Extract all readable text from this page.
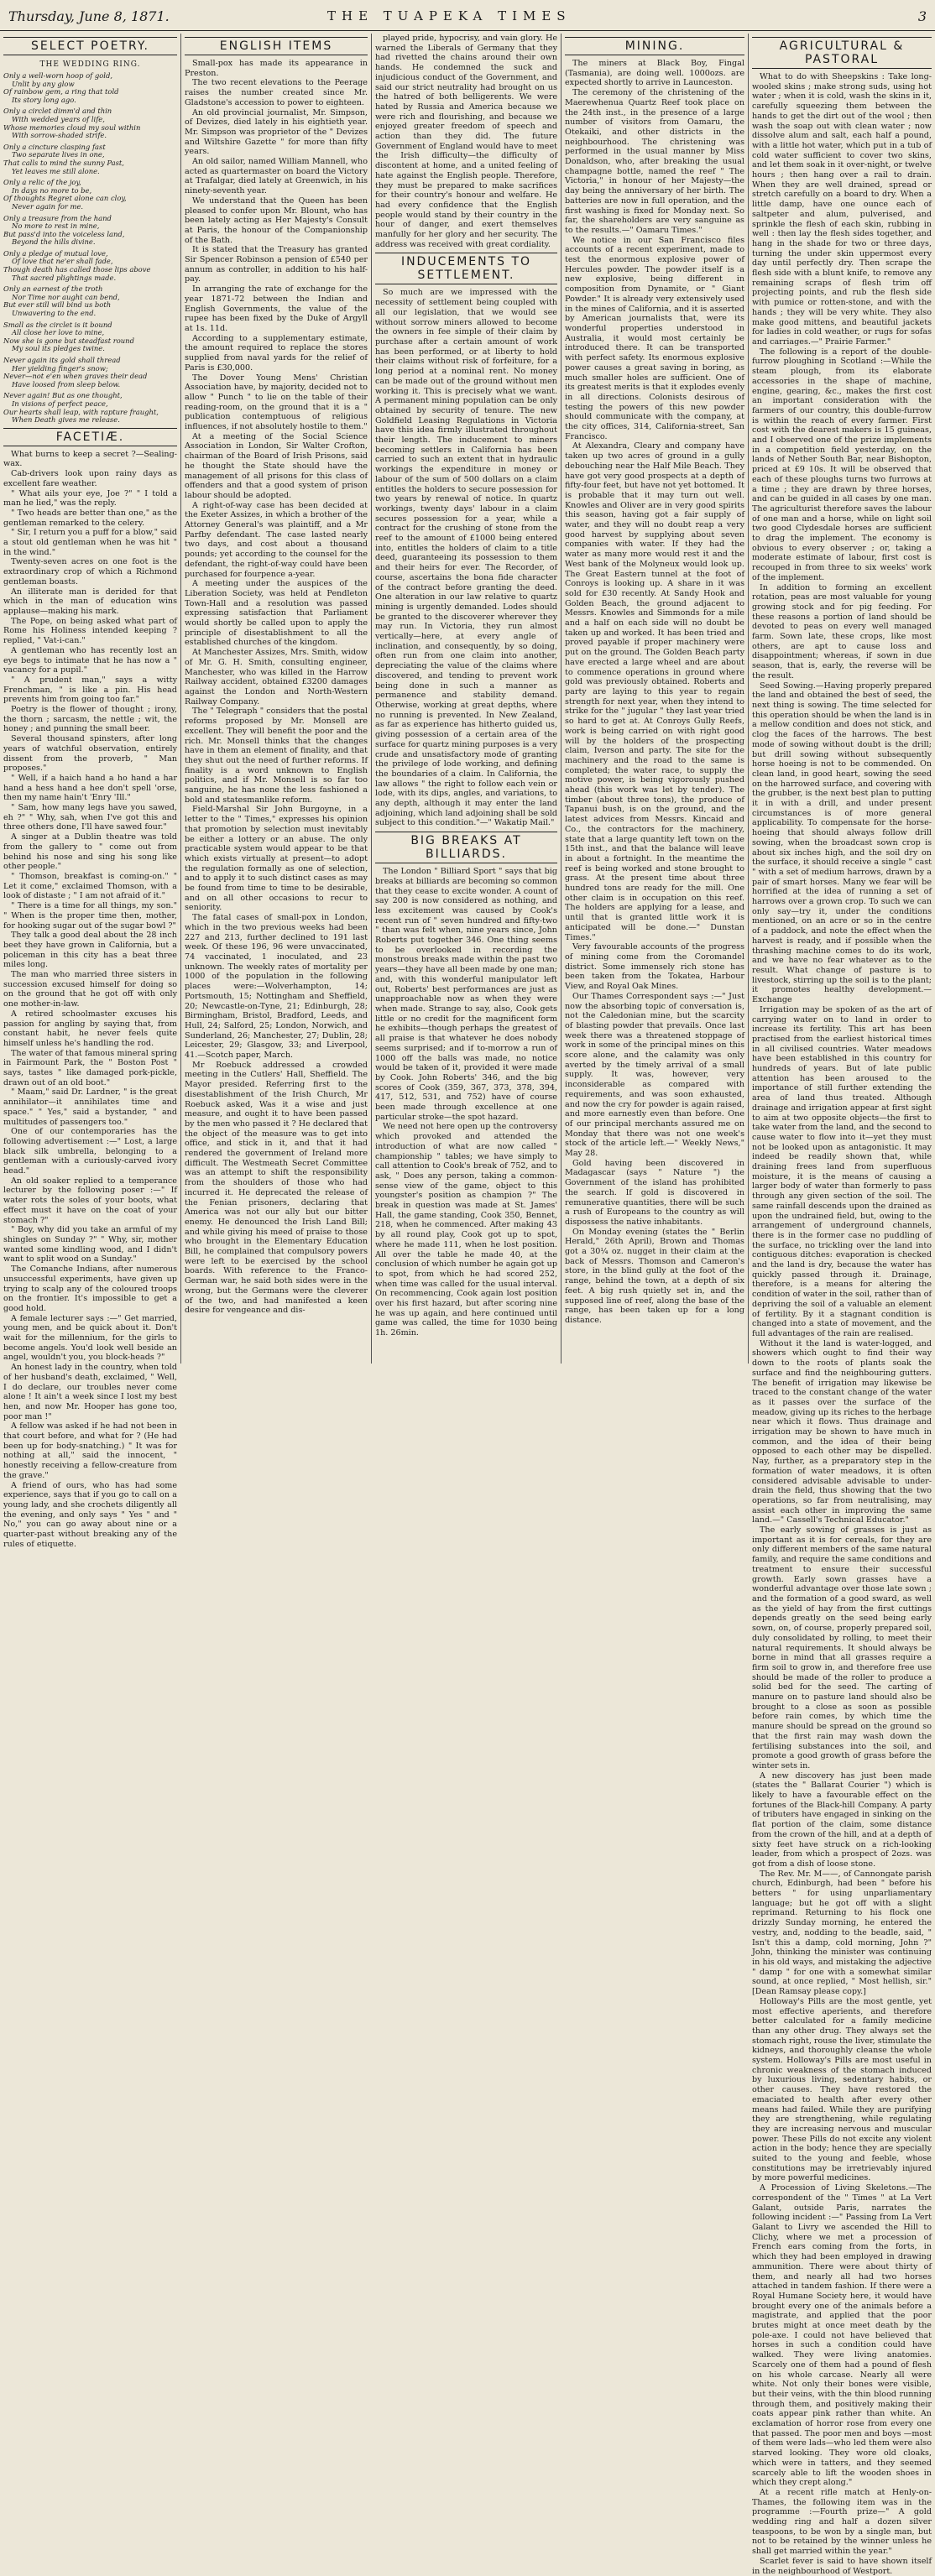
Thursday, June 8, 1871.	THE TUAPEKA TIMES	3
SELECT POETRY.
THE WEDDING RING.

Only a well-worn hoop of gold,

Unlit by any glow

Of rainbow gem, a ring that told

Its story long ago.

Only a circlet dimm'd and thin

With wedded years of life,

Whose memories cloud my soul within

With sorrow-shaded strife.

Only a cincture clasping fast

Two separate lives in one,

That calls to mind the sunny Past,

Yet leaves me still alone.

Only a relic of the joy,

In days no more to be,

Of thoughts Regret alone can cloy,

Never again for me.

Only a treasure from the hand

No more to rest in mine,

But pass'd into the voiceless land,

Beyond the hills divine.

Only a pledge of mutual love,

Of love that ne'er shall fade,

Though death has called those lips above

That sacred plightings made.

Only an earnest of the troth

Nor Time nor aught can bend,

But ever still will bind us both

Unwavering to the end.

Small as the circlet is it bound

All close her love to mine,

Now she is gone but steadfast round

My soul its pledges twine.

Never again its gold shall thread

Her yielding finger's snow;

Never—not e'en when graves their dead

Have loosed from sleep below.

Never again! But as one thought,

In visions of perfect peace,

Our hearts shall leap, with rapture fraught,

When Death gives me release.

FACETIÆ.

What burns to keep a secret ?—Sealing-wax.

Cab-drivers look upon rainy days as excellent fare weather.

" What ails your eye, Joe ?" " I told a man he lied," was the reply.

" Two heads are better than one," as the gentleman remarked to the celery.

" Sir, I return you a puff for a blow," said a stout old gentleman when he was hit " in the wind."

Twenty-seven acres on one foot is the extraordinary crop of which a Richmond gentleman boasts.

An illiterate man is derided for that which in the man of education wins applause—making his mark.

The Pope, on being asked what part of Rome his Holiness intended keeping ? replied, " Vat-i-can."

A gentleman who has recently lost an eye begs to intimate that he has now a " vacancy for a pupil."

" A prudent man," says a witty Frenchman, " is like a pin. His head prevents him from going too far."

Poetry is the flower of thought ; irony, the thorn ; sarcasm, the nettle ; wit, the honey ; and punning the small beer.

Several thousand spinsters, after long years of watchful observation, entirely dissent from the proverb, " Man proposes."

" Well, if a haich hand a ho hand a har hand a hess hand a hee don't spell 'orse, then my name hain't 'Enry 'Ill."

" Sam, how many legs have you sawed, eh ?" " Why, sah, when I've got this and three others done, I'll have sawed four."

A singer at a Dublin theatre was told from the gallery to " come out from behind his nose and sing his song like other people."

" Thomson, breakfast is coming-on." " Let it come," exclaimed Thomson, with a look of distaste ; " I am not afraid of it."

" There is a time for all things, my son." " When is the proper time then, mother, for hooking sugar out of the sugar bowl ?"

They talk a good deal about the 28 inch beet they have grown in California, but a policeman in this city has a beat three miles long.

The man who married three sisters in succession excused himself for doing so on the ground that he got off with only one mother-in-law.

A retired schoolmaster excuses his passion for angling by saying that, from constant habit, he never feels quite himself unless he's handling the rod.

The water of that famous mineral spring in Fairmount Park, the " Boston Post " says, tastes " like damaged pork-pickle, drawn out of an old boot."

" Maam," said Dr. Lardner, " is the great annihilator—it annihilates time and space." " Yes," said a bystander, " and multitudes of passengers too."

One of our contemporaries has the following advertisement :—" Lost, a large black silk umbrella, belonging to a gentleman with a curiously-carved ivory head."

An old soaker replied to a temperance lecturer by the following poser :—" If water rots the soles of your boots, what effect must it have on the coat of your stomach ?"

" Boy, why did you take an armful of my shingles on Sunday ?" " Why, sir, mother wanted some kindling wood, and I didn't want to split wood on a Sunday."

The Comanche Indians, after numerous unsuccessful experiments, have given up trying to scalp any of the coloured troops on the frontier. It's impossible to get a good hold.

A female lecturer says :—" Get married, young men, and be quick about it. Don't wait for the millennium, for the girls to become angels. You'd look well beside an angel, wouldn't you, you block-heads ?"

An honest lady in the country, when told of her husband's death, exclaimed, " Well, I do declare, our troubles never come alone ! It ain't a week since I lost my best hen, and now Mr. Hooper has gone too, poor man !"

A fellow was asked if he had not been in that court before, and what for ? (He had been up for body-snatching.) " It was for nothing at all," said the innocent, " honestly receiving a fellow-creature from the grave."

A friend of ours, who has had some experience, says that if you go to call on a young lady, and she crochets diligently all the evening, and only says " Yes " and " No," you can go away about nine or a quarter-past without breaking any of the rules of etiquette.

ENGLISH ITEMS

Small-pox has made its appearance in Preston.

The two recent elevations to the Peerage raises the number created since Mr. Gladstone's accession to power to eighteen.

An old provincial journalist, Mr. Simpson, of Devizes, died lately in his eightieth year. Mr. Simpson was proprietor of the " Devizes and Wiltshire Gazette " for more than fifty years.

An old sailor, named William Mannell, who acted as quartermaster on board the Victory at Trafalgar, died lately at Greenwich, in his ninety-seventh year.

We understand that the Queen has been pleased to confer upon Mr. Blount, who has been lately acting as Her Majesty's Consult at Paris, the honour of the Companionship of the Bath.

It is stated that the Treasury has granted Sir Spencer Robinson a pension of £540 per annum as controller, in addition to his half-pay.

In arranging the rate of exchange for the year 1871-72 between the Indian and English Governments, the value of the rupee has been fixed by the Duke of Argyll at 1s. 11d.

According to a supplementary estimate, the amount required to replace the stores supplied from naval yards for the relief of Paris is £30,000.

The Dover Young Mens' Christian Association have, by majority, decided not to allow " Punch " to lie on the table of their reading-room, on the ground that it is a " publication contemptuous of religious influences, if not absolutely hostile to them."

At a meeting of the Social Science Association in London, Sir Walter Crofton, chairman of the Board of Irish Prisons, said he thought the State should have the management of all prisons for this class of offenders and that a good system of prison labour should be adopted.

A right-of-way case has been decided at the Exeter Assizes, in which a brother of the Attorney General's was plaintiff, and a Mr Parfby defendant. The case lasted nearly two days, and cost about a thousand pounds; yet according to the counsel for the defendant, the right-of-way could have been purchased for fourpence a-year.

A meeting under the auspices of the Liberation Society, was held at Pendleton Town-Hall and a resolution was passed expressing satisfaction that Parliament would shortly be called upon to apply the principle of disestablishment to all the established churches of the kingdom.

At Manchester Assizes, Mrs. Smith, widow of Mr. G. H. Smith, consulting engineer, Manchester, who was killed in the Harrow Railway accident, obtained £3200 damages against the London and North-Western Railway Company.

The " Telegraph " considers that the postal reforms proposed by Mr. Monsell are excellent. They will benefit the poor and the rich. Mr. Monsell thinks that the changes have in them an element of finality, and that they shut out the need of further reforms. If finality is a word unknown to English politics, and if Mr. Monsell is so far too sanguine, he has none the less fashioned a bold and statesmanlike reform.

Field-Marshal Sir John Burgoyne, in a letter to the " Times," expresses his opinion that promotion by selection must inevitably be either a lottery or an abuse. The only practicable system would appear to be that which exists virtually at present—to adopt the regulation formally as one of selection, and to apply it to such distinct cases as may be found from time to time to be desirable, and on all other occasions to recur to seniority.

The fatal cases of small-pox in London, which in the two previous weeks had been 227 and 213, further declined to 191 last week. Of these 196, 96 were unvaccinated, 74 vaccinated, 1 inoculated, and 23 unknown. The weekly rates of mortality per 1000 of the population in the following places were:—Wolverhampton, 14; Portsmouth, 15; Nottingham and Sheffield, 20; Newcastle-on-Tyne, 21; Edinburgh, 28; Birmingham, Bristol, Bradford, Leeds, and Hull, 24; Salford, 25; London, Norwich, and Sunderland, 26; Manchester, 27; Dublin, 28; Leicester, 29; Glasgow, 33; and Liverpool, 41.—Scotch paper, March.

Mr Roebuck addressed a crowded meeting in the Cutlers' Hall, Sheffield. The Mayor presided. Referring first to the disestablishment of the Irish Church, Mr Roebuck asked, Was it a wise and just measure, and ought it to have been passed by the men who passed it ? He declared that the object of the measure was to get into office, and stick in it, and that it had rendered the government of Ireland more difficult. The Westmeath Secret Committee was an attempt to shift the responsibility from the shoulders of those who had incurred it. He deprecated the release of the Fenian prisoners, declaring that America was not our ally but our bitter enemy. He denounced the Irish Land Bill; and while giving his meed of praise to those who brought in the Elementary Education Bill, he complained that compulsory powers were left to be exercised by the school boards. With reference to the Franco-German war, he said both sides were in the wrong, but the Germans were the cleverer of the two, and had manifested a keen desire for vengeance and dis-

played pride, hypocrisy, and vain glory. He warned the Liberals of Germany that they had rivetted the chains around their own hands. He condemned the suck and injudicious conduct of the Government, and said our strict neutrality had brought on us the hatred of both belligerents. We were hated by Russia and America because we were rich and flourishing, and because we enjoyed greater freedom of speech and action than they did. The future Government of England would have to meet the Irish difficulty—the difficulty of discontent at home, and a united feeling of hate against the English people. Therefore, they must be prepared to make sacrifices for their country's honour and welfare. He had every confidence that the English people would stand by their country in the hour of danger, and exert themselves manfully for her glory and her security. The address was received with great cordiality.

INDUCEMENTS TO SETTLEMENT.

So much are we impressed with the necessity of settlement being coupled with all our legislation, that we would see without sorrow miners allowed to become the owners in fee simple of their claim by purchase after a certain amount of work has been performed, or at liberty to hold their claims without risk of forfeiture, for a long period at a nominal rent. No money can be made out of the ground without men working it. This is precisely what we want. A permanent mining population can be only obtained by security of tenure. The new Goldfield Leasing Regulations in Victoria have this idea firmly illustrated throughout their length. The inducement to miners becoming settlers in California has been carried to such an extent that in hydraulic workings the expenditure in money or labour of the sum of 500 dollars on a claim entitles the holders to secure possession for two years by renewal of notice. In quartz workings, twenty days' labour in a claim secures possession for a year, while a contract for the crushing of stone from the reef to the amount of £1000 being entered into, entitles the holders of claim to a title deed, guaranteeing its possession to them and their heirs for ever. The Recorder, of course, ascertains the bona fide character of the contract before granting the deed. One alteration in our law relative to quartz mining is urgently demanded. Lodes should be granted to the discoverer wherever they may run. In Victoria, they run almost vertically—here, at every angle of inclination, and consequently, by so doing, often run from one claim into another, depreciating the value of the claims where discovered, and tending to prevent work being done in such a manner as permanence and stability demand. Otherwise, working at great depths, where no running is prevented. In New Zealand, as far as experience has hitherto guided us, giving possession of a certain area of the surface for quartz mining purposes is a very crude and unsatisfactory mode of granting the privilege of lode working, and defining the boundaries of a claim. In California, the law allows " the right to follow each vein or lode, with its dips, angles, and variations, to any depth, although it may enter the land adjoining, which land adjoining shall be sold subject to this condition."—" Wakatip Mail."

BIG BREAKS AT BILLIARDS.

The London " Billiard Sport " says that big breaks at billiards are becoming so common that they cease to excite wonder. A count of say 200 is now considered as nothing, and less excitement was caused by Cook's recent run of " seven hundred and fifty-two " than was felt when, nine years since, John Roberts put together 346. One thing seems to be overlooked in recording the monstrous breaks made within the past two years—they have all been made by one man; and, with this wonderful manipulator left out, Roberts' best performances are just as unapproachable now as when they were when made. Strange to say, also, Cook gets little or no credit for the magnificent form he exhibits—though perhaps the greatest of all praise is that whatever he does nobody seems surprised; and if to-morrow a run of 1000 off the balls was made, no notice would be taken of it, provided it were made by Cook. John Roberts' 346, and the big scores of Cook (359, 367, 373, 378, 394, 417, 512, 531, and 752) have of course been made through excellence at one particular stroke—the spot hazard.

We need not here open up the controversy which provoked and attended the introduction of what are now called " championship " tables; we have simply to call attention to Cook's break of 752, and to ask, " Does any person, taking a common-sense view of the game, object to this youngster's position as champion ?" The break in question was made at St. James' Hall, the game standing, Cook 350, Bennet, 218, when he commenced. After making 43 by all round play, Cook got up to spot, where he made 111, when he lost position. All over the table he made 40, at the conclusion of which number he again got up to spot, from which he had scored 252, when time was called for the usual interval. On recommencing, Cook again lost position over his first hazard, but after scoring nine he was up again, and here continued until game was called, the time for 1030 being 1h. 26min.

MINING.

The miners at Black Boy, Fingal (Tasmania), are doing well. 1000ozs. are expected shortly to arrive in Launceston.

The ceremony of the christening of the Maerewhenua Quartz Reef took place on the 24th inst., in the presence of a large number of visitors from Oamaru, the Otekaiki, and other districts in the neighbourhood. The christening was performed in the usual manner by Miss Donaldson, who, after breaking the usual champagne bottle, named the reef " The Victoria," in honour of her Majesty—the day being the anniversary of her birth. The batteries are now in full operation, and the first washing is fixed for Monday next. So far, the shareholders are very sanguine as to the results.—" Oamaru Times."

We notice in our San Francisco files accounts of a recent experiment, made to test the enormous explosive power of Hercules powder. The powder itself is a new explosive, being different in composition from Dynamite, or " Giant Powder." It is already very extensively used in the mines of California, and it is asserted by American journalists that, were its wonderful properties understood in Australia, it would most certainly be introduced there. It can be transported with perfect safety. Its enormous explosive power causes a great saving in boring, as much smaller holes are sufficient. One of its greatest merits is that it explodes evenly in all directions. Colonists desirous of testing the powers of this new powder should communicate with the company, at the city offices, 314, California-street, San Francisco.

At Alexandra, Cleary and company have taken up two acres of ground in a gully debouching near the Half Mile Beach. They have got very good prospects at a depth of fifty-four feet, but have not yet bottomed. It is probable that it may turn out well. Knowles and Oliver are in very good spirits this season, having got a fair supply of water, and they will no doubt reap a very good harvest by supplying about seven companies with water. If they had the water as many more would rest it and the West bank of the Molyneux would look up. The Great Eastern tunnel at the foot of Conroys is looking up. A share in it was sold for £30 recently. At Sandy Hook and Golden Beach, the ground adjacent to Messrs. Knowles and Simmonds for a mile and a half on each side will no doubt be taken up and worked. It has been tried and proved payable if proper machinery were put on the ground. The Golden Beach party have erected a large wheel and are about to commence operations in ground where gold was previously obtained. Roberts and party are laying to this year to regain strength for next year, when they intend to strike for the " jugular " they last year tried so hard to get at. At Conroys Gully Reefs, work is being carried on with right good will by the holders of the prospecting claim, Iverson and party. The site for the machinery and the road to the same is completed; the water race, to supply the motive power, is being vigorously pushed ahead (this work was let by tender). The timber (about three tons), the produce of Tapanui bush, is on the ground, and the latest advices from Messrs. Kincaid and Co., the contractors for the machinery, state that a large quantity left town on the 15th inst., and that the balance will leave in about a fortnight. In the meantime the reef is being worked and stone brought to grass. At the present time about three hundred tons are ready for the mill. One other claim is in occupation on this reef. The holders are applying for a lease, and until that is granted little work it is anticipated will be done.—" Dunstan Times."

Very favourable accounts of the progress of mining come from the Coromandel district. Some immensely rich stone has been taken from the Tokatea, Harbour View, and Royal Oak Mines.

Our Thames Correspondent says :—" Just now the absorbing topic of conversation is, not the Caledonian mine, but the scarcity of blasting powder that prevails. Once last week there was a threatened stoppage of work in some of the principal mines on this score alone, and the calamity was only averted by the timely arrival of a small supply. It was, however, very inconsiderable as compared with requirements, and was soon exhausted, and now the cry for powder is again raised, and more earnestly even than before. One of our principal merchants assured me on Monday that there was not one week's stock of the article left.—" Weekly News," May 28.

Gold having been discovered in Madagascar (says " Nature ") the Government of the island has prohibited the search. If gold is discovered in remunerative quantities, there will be such a rush of Europeans to the country as will dispossess the native inhabitants.

On Monday evening (states the " Berlin Herald," 26th April), Brown and Thomas got a 30¼ oz. nugget in their claim at the back of Messrs. Thomson and Cameron's store, in the blind gully at the foot of the range, behind the town, at a depth of six feet. A big rush quietly set in, and the supposed line of reef, along the base of the range, has been taken up for a long distance.

AGRICULTURAL & PASTORAL

What to do with Sheepskins : Take long-wooled skins ; make strong suds, using hot water ; when it is cold, wash the skins in it, carefully squeezing them between the hands to get the dirt out of the wool ; then wash the soap out with clean water ; now dissolve alum and salt, each half a pound, with a little hot water, which put in a tub of cold water sufficient to cover two skins, and let them soak in it over-night, or twelve hours ; then hang over a rail to drain. When they are well drained, spread or stretch carefully on a board to dry. When a little damp, have one ounce each of saltpeter and alum, pulverised, and sprinkle the flesh of each skin, rubbing in well : then lay the flesh sides together, and hang in the shade for two or three days, turning the under skin uppermost every day until perfectly dry. Then scrape the flesh side with a blunt knife, to remove any remaining scraps of flesh trim off projecting points, and rub the flesh side with pumice or rotten-stone, and with the hands ; they will be very white. They also make good mittens, and beautiful jackets for ladies in cold weather, or rugs for sofas and carriages.—" Prairie Farmer."

The following is a report of the double-furrow ploughing in Scotland :—While the steam plough, from its elaborate accessories in the shape of machine, engine, gearing, &c., makes the first cost an important consideration with the farmers of our country, this double-furrow is within the reach of every farmer. First cost with the dearest makers is 15 guineas, and I observed one of the prize implements in a competition field yesterday, on the lands of Nether South Bar, near Bishopton, priced at £9 10s. It will be observed that each of these ploughs turns two furrows at a time ; they are drawn by three horses, and can be guided in all cases by one man. The agriculturist therefore saves the labour of one man and a horse, while on light soil two good Clydesdale horses are sufficient to drag the implement. The economy is obvious to every observer ; or, taking a moderate estimate of labour, first cost is recouped in from three to six weeks' work of the implement.

In addition to forming an excellent rotation, peas are most valuable for young growing stock and for pig feeding. For these reasons a portion of land should be devoted to peas on every well managed farm. Sown late, these crops, like most others, are apt to cause loss and disappointment; whereas, if sown in due season, that is, early, the reverse will be the result.

Seed Sowing.—Having properly prepared the land and obtained the best of seed, the next thing is sowing. The time selected for this operation should be when the land is in a mellow condition and does not stick, and clog the faces of the harrows. The best mode of sowing without doubt is the drill; but drill sowing without subsequently horse hoeing is not to be commended. On clean land, in good heart, sowing the seed on the harrowed surface, and covering with the grubber, is the next best plan to putting it in with a drill, and under present circumstances is of more general applicability. To compensate for the horse-hoeing that should always follow drill sowing, when the broadcast sown crop is about six inches high, and the soil dry on the surface, it should receive a single " cast " with a set of medium harrows, drawn by a pair of smart horses. Many we fear will be horrified at the idea of running a set of harrows over a grown crop. To such we can only say—try it, under the conditions mentioned, on an acre or so in the centre of a paddock, and note the effect when the harvest is ready, and if possible when the thrashing machine comes to do its work, and we have no fear whatever as to the result. What change of pasture is to livestock, stirring up the soil is to the plant; it promotes healthy development.—Exchange

Irrigation may be spoken of as the art of carrying water on to land in order to increase its fertility. This art has been practised from the earliest historical times in all civilised countries. Water meadows have been established in this country for hundreds of years. But of late public attention has been aroused to the importance of still further extending the area of land thus treated. Although drainage and irrigation appear at first sight to aim at two opposite objects—the first to take water from the land, and the second to cause water to flow into it—yet they must not be looked upon as antagonistic. It may indeed be readily shown that, while draining frees land from superfluous moisture, it is the means of causing a larger body of water than formerly to pass through any given section of the soil. The same rainfall descends upon the drained as upon the undrained field, but, owing to the arrangement of underground channels, there is in the former case no puddling of the surface, no trickling over the land into contiguous ditches: evaporation is checked and the land is dry, because the water has quickly passed through it. Drainage, therefore, is a means for altering the condition of water in the soil, rather than of depriving the soil of a valuable an element of fertility. By it a stagnant condition is changed into a state of movement, and the full advantages of the rain are realised.

Without it the land is water-logged, and showers which ought to find their way down to the roots of plants soak the surface and find the neighbouring gutters. The benefit of irrigation may likewise be traced to the constant change of the water as it passes over the surface of the meadow, giving up its riches to the herbage near which it flows. Thus drainage and irrigation may be shown to have much in common, and the idea of their being opposed to each other may be dispelled. Nay, further, as a preparatory step in the formation of water meadows, it is often considered advisable advisable to under-drain the field, thus showing that the two operations, so far from neutralising, may assist each other in improving the same land.—" Cassell's Technical Educator."

The early sowing of grasses is just as important as it is for cereals, for they are only different members of the same natural family, and require the same conditions and treatment to ensure their successful growth. Early sown grasses have a wonderful advantage over those late sown ; and the formation of a good sward, as well as the yield of hay from the first cuttings depends greatly on the seed being early sown, on, of course, properly prepared soil, duly consolidated by rolling, to meet their natural requirements. It should always be borne in mind that all grasses require a firm soil to grow in, and therefore free use should be made of the roller to produce a solid bed for the seed. The carting of manure on to pasture land should also be brought to a close as soon as possible before rain comes, by which time the manure should be spread on the ground so that the first rain may wash down the fertilising substances into the soil, and promote a good growth of grass before the winter sets in.

A new discovery has just been made (states the " Ballarat Courier ") which is likely to have a favourable effect on the fortunes of the Black-hill Company. A party of tributers have engaged in sinking on the flat portion of the claim, some distance from the crown of the hill, and at a depth of sixty feet have struck on a rich-looking leader, from which a prospect of 2ozs. was got from a dish of loose stone.

The Rev. Mr. M——, of Cannongate parish church, Edinburgh, had been " before his betters " for using unparliamentary language; but he got off with a slight reprimand. Returning to his flock one drizzly Sunday morning, he entered the vestry, and, nodding to the beadle, said, " Isn't this a damp, cold morning, John ?" John, thinking the minister was continuing in his old ways, and mistaking the adjective " damp " for one with a somewhat similar sound, at once replied, " Most hellish, sir." [Dean Ramsay please copy.]

Holloway's Pills are the most gentle, yet most effective aperients, and therefore better calculated for a family medicine than any other drug. They always set the stomach right, rouse the liver, stimulate the kidneys, and thoroughly cleanse the whole system. Holloway's Pills are most useful in chronic weakness of the stomach induced by luxurious living, sedentary habits, or other causes. They have restored the emaciated to health after every other means had failed. While they are purifying they are strengthening, while regulating they are increasing nervous and muscular power. These Pills do not excite any violent action in the body; hence they are specially suited to the young and feeble, whose constitutions may be irretrievably injured by more powerful medicines.

A Procession of Living Skeletons.—The correspondent of the " Times " at La Vert Galant, outside Paris, narrates the following incident :—" Passing from La Vert Galant to Livry we ascended the Hill to Clichy, where we met a procession of French ears coming from the forts, in which they had been employed in drawing ammunition. There were about thirty of them, and nearly all had two horses attached in tandem fashion. If there were a Royal Humane Society here, it would have brought every one of the animals before a magistrate, and applied that the poor brutes might at once meet death by the pole-axe. I could not have believed that horses in such a condition could have walked. They were living anatomies. Scarcely one of them had a pound of flesh on his whole carcase. Nearly all were white. Not only their bones were visible, but their veins, with the thin blood running through them, and positively making their coats appear pink rather than white. An exclamation of horror rose from every one that passed. The poor men and boys —most of them were lads—who led them were also starved looking. They wore old cloaks, which were in tatters, and they seemed scarcely able to lift the wooden shoes in which they crept along."

At a recent rifle match at Henly-on-Thames, the following item was in the programme :—Fourth prize—" A gold wedding ring and half a dozen silver teaspoons, to be won by a single man, but not to be retained by the winner unless he shall get married within the year."

Scarlet fever is said to have shown itself in the neighbourhood of Westport.
